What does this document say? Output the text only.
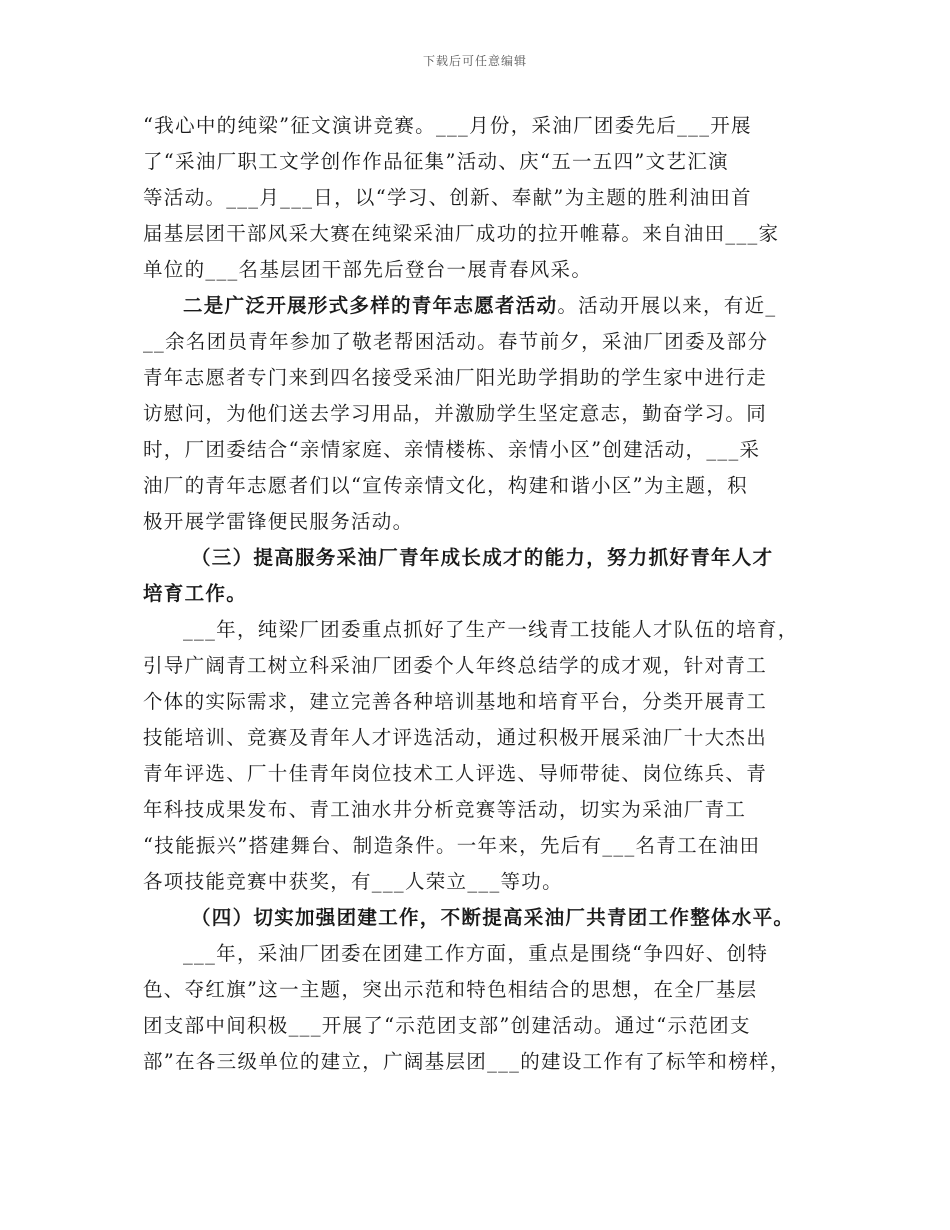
下载后可任意编辑
“我心中的纯梁”征文演讲竞赛。___月份，采油厂团委先后___开展
了“采油厂职工文学创作作品征集”活动、庆“五一五四”文艺汇演
等活动。___月___日，以“学习、创新、奉献”为主题的胜利油田首
届基层团干部风采大赛在纯梁采油厂成功的拉开帷幕。来自油田___家
单位的___名基层团干部先后登台一展青春风采。
二是广泛开展形式多样的青年志愿者活动。活动开展以来，有近_
__余名团员青年参加了敬老帮困活动。春节前夕，采油厂团委及部分
青年志愿者专门来到四名接受采油厂阳光助学捐助的学生家中进行走
访慰问，为他们送去学习用品，并激励学生坚定意志，勤奋学习。同
时，厂团委结合“亲情家庭、亲情楼栋、亲情小区”创建活动，___采
油厂的青年志愿者们以“宣传亲情文化，构建和谐小区”为主题，积
极开展学雷锋便民服务活动。
（三）提高服务采油厂青年成长成才的能力，努力抓好青年人才
培育工作。
___年，纯梁厂团委重点抓好了生产一线青工技能人才队伍的培育，
引导广阔青工树立科采油厂团委个人年终总结学的成才观，针对青工
个体的实际需求，建立完善各种培训基地和培育平台，分类开展青工
技能培训、竞赛及青年人才评选活动，通过积极开展采油厂十大杰出
青年评选、厂十佳青年岗位技术工人评选、导师带徒、岗位练兵、青
年科技成果发布、青工油水井分析竞赛等活动，切实为采油厂青工
“技能振兴”搭建舞台、制造条件。一年来，先后有___名青工在油田
各项技能竞赛中获奖，有___人荣立___等功。
（四）切实加强团建工作，不断提高采油厂共青团工作整体水平。
___年，采油厂团委在团建工作方面，重点是围绕“争四好、创特
色、夺红旗”这一主题，突出示范和特色相结合的思想，在全厂基层
团支部中间积极___开展了“示范团支部”创建活动。通过“示范团支
部”在各三级单位的建立，广阔基层团___的建设工作有了标竿和榜样，
